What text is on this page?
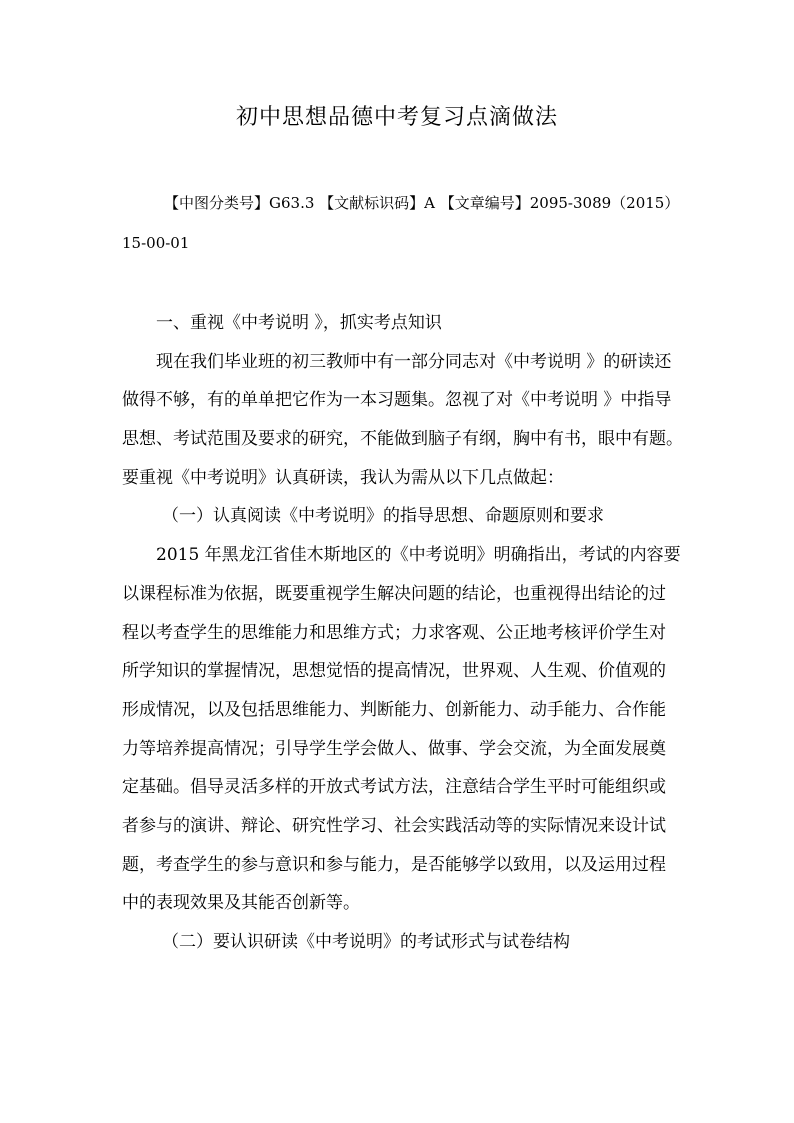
初中思想品德中考复习点滴做法
【中图分类号】G63.3 【文献标识码】A 【文章编号】2095-3089（2015）15-00-01
一、重视《中考说明 》，抓实考点知识
现在我们毕业班的初三教师中有一部分同志对《中考说明 》的研读还
做得不够，有的单单把它作为一本习题集。忽视了对《中考说明 》中指导
思想、考试范围及要求的研究，不能做到脑子有纲，胸中有书，眼中有题。
要重视《中考说明》认真研读，我认为需从以下几点做起：
（一）认真阅读《中考说明》的指导思想、命题原则和要求
2015 年黑龙江省佳木斯地区的《中考说明》明确指出，考试的内容要
以课程标准为依据，既要重视学生解决问题的结论，也重视得出结论的过
程以考查学生的思维能力和思维方式；力求客观、公正地考核评价学生对
所学知识的掌握情况，思想觉悟的提高情况，世界观、人生观、价值观的
形成情况，以及包括思维能力、判断能力、创新能力、动手能力、合作能
力等培养提高情况；引导学生学会做人、做事、学会交流，为全面发展奠
定基础。倡导灵活多样的开放式考试方法，注意结合学生平时可能组织或
者参与的演讲、辩论、研究性学习、社会实践活动等的实际情况来设计试
题，考查学生的参与意识和参与能力，是否能够学以致用，以及运用过程
中的表现效果及其能否创新等。
（二）要认识研读《中考说明》的考试形式与试卷结构
